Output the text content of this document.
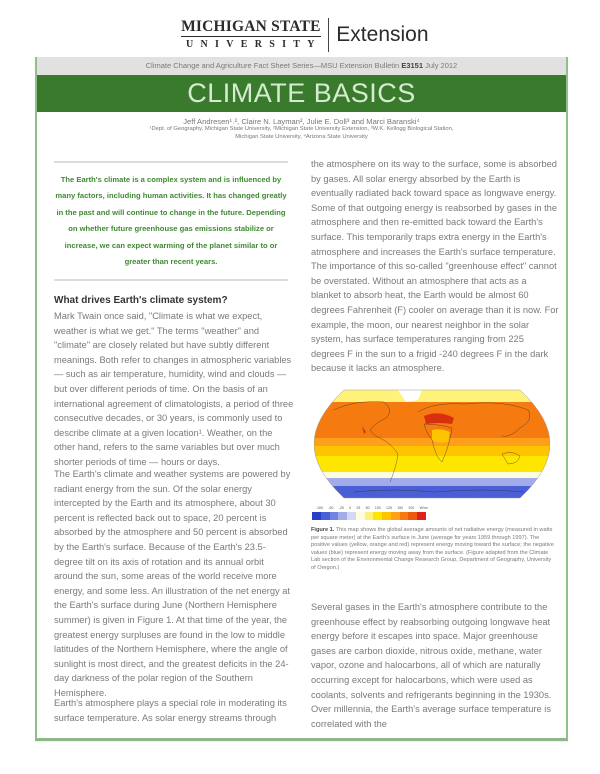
MICHIGAN STATE
UNIVERSITY Extension
Climate Change and Agriculture Fact Sheet Series—MSU Extension Bulletin E3151 July 2012
CLIMATE BASICS
Jeff Andresen¹˒², Claire N. Layman², Julie E. Doll³ and Marci Baranski⁴
¹Dept. of Geography, Michigan State University, ²Michigan State University Extension, ³W.K. Kellogg Biological Station,
Michigan State University, ⁴Arizona State University
The Earth's climate is a complex system and is influenced by many factors, including human activities. It has changed greatly in the past and will continue to change in the future. Depending on whether future greenhouse gas emissions stabilize or increase, we can expect warming of the planet similar to or greater than recent years.
What drives Earth's climate system?
Mark Twain once said, "Climate is what we expect, weather is what we get." The terms "weather" and "climate" are closely related but have subtly different meanings. Both refer to changes in atmospheric variables — such as air temperature, humidity, wind and clouds — but over different periods of time. On the basis of an international agreement of climatologists, a period of three consecutive decades, or 30 years, is commonly used to describe climate at a given location¹. Weather, on the other hand, refers to the same variables but over much shorter periods of time — hours or days.
The Earth's climate and weather systems are powered by radiant energy from the sun. Of the solar energy intercepted by the Earth and its atmosphere, about 30 percent is reflected back out to space, 20 percent is absorbed by the atmosphere and 50 percent is absorbed by the Earth's surface. Because of the Earth's 23.5-degree tilt on its axis of rotation and its annual orbit around the sun, some areas of the world receive more energy, and some less. An illustration of the net energy at the Earth's surface during June (Northern Hemisphere summer) is given in Figure 1. At that time of the year, the greatest energy surpluses are found in the low to middle latitudes of the Northern Hemisphere, where the angle of sunlight is most direct, and the greatest deficits in the 24-day darkness of the polar region of the Southern Hemisphere.
Earth's atmosphere plays a special role in moderating its surface temperature. As solar energy streams through
the atmosphere on its way to the surface, some is absorbed by gases. All solar energy absorbed by the Earth is eventually radiated back toward space as longwave energy. Some of that outgoing energy is reabsorbed by gases in the atmosphere and then re-emitted back toward the Earth's surface. This temporarily traps extra energy in the Earth's atmosphere and increases the Earth's surface temperature. The importance of this so-called "greenhouse effect" cannot be overstated. Without an atmosphere that acts as a blanket to absorb heat, the Earth would be almost 60 degrees Fahrenheit (F) cooler on average than it is now. For example, the moon, our nearest neighbor in the solar system, has surface temperatures ranging from 225 degrees F in the sun to a frigid -240 degrees F in the dark because it lacks an atmosphere.
-100 -50 -25 0 25 50 100 125 150 200 W/m²
Figure 1. This map shows the global average amounts of net radiative energy (measured in watts per square meter) at the Earth's surface in June (average for years 1959 through 1997). The positive values (yellow, orange and red) represent energy moving toward the surface; the negative values (blue) represent energy moving away from the surface. (Figure adapted from the Climate Lab section of the Environmental Change Research Group, Department of Geography, University of Oregon.)
Several gases in the Earth's atmosphere contribute to the greenhouse effect by reabsorbing outgoing longwave heat energy before it escapes into space. Major greenhouse gases are carbon dioxide, nitrous oxide, methane, water vapor, ozone and halocarbons, all of which are naturally occurring except for halocarbons, which were used as coolants, solvents and refrigerants beginning in the 1930s. Over millennia, the Earth's average surface temperature is correlated with the
